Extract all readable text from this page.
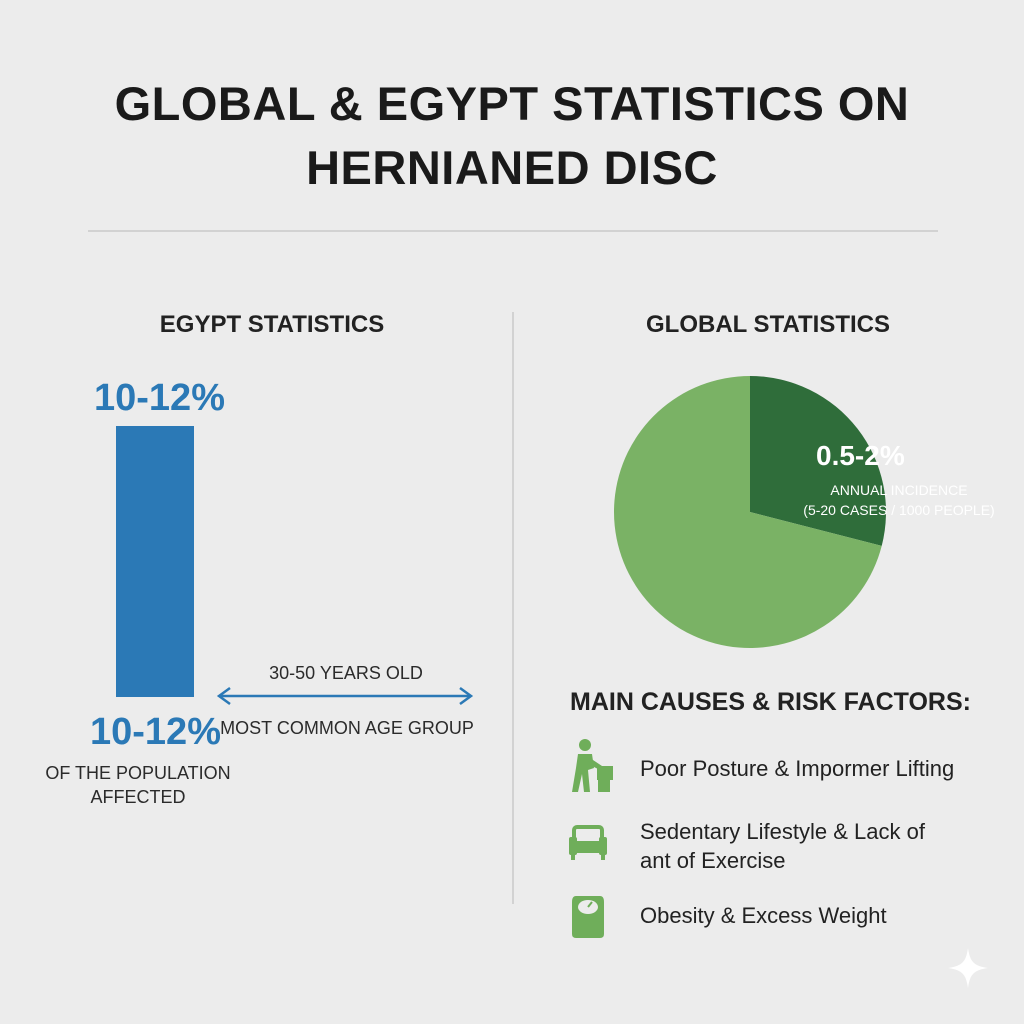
GLOBAL & EGYPT STATISTICS ON
HERNIANED DISC
EGYPT STATISTICS
10-12%
10-12%
OF THE POPULATION
AFFECTED
30-50 YEARS OLD
MOST COMMON AGE GROUP
GLOBAL STATISTICS
0.5-2%
ANNUAL INCIDENCE
(5-20 CASES / 1000 PEOPLE)
MAIN CAUSES & RISK FACTORS:
Poor Posture & Impormer Lifting
Sedentary Lifestyle & Lack of
ant of Exercise
Obesity & Excess Weight
